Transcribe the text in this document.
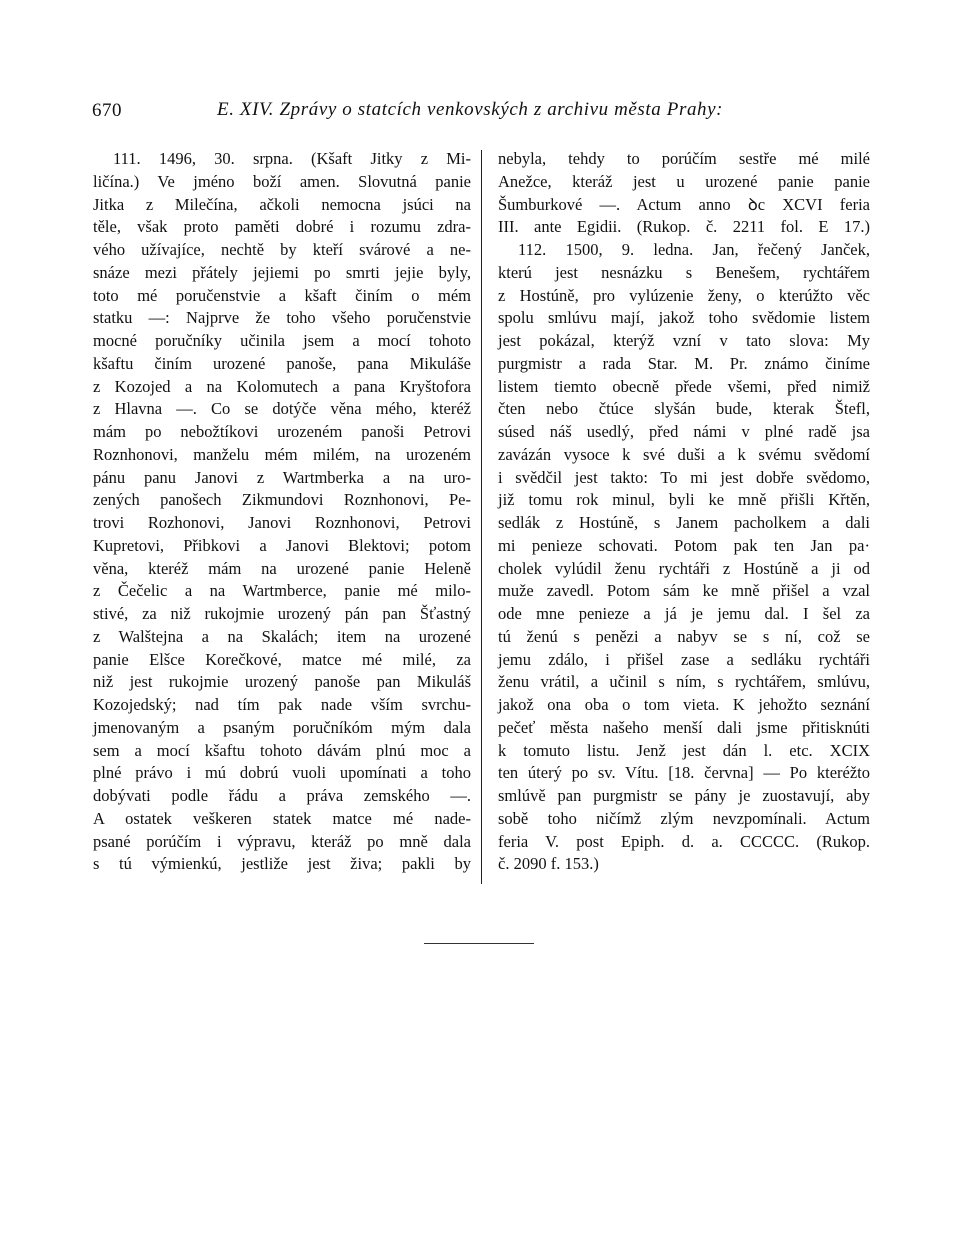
670	E. XIV. Zprávy o statcích venkovských z archivu města Prahy:
111. 1496, 30. srpna. (Kšaft Jitky z Mi-
ličína.) Ve jméno boží amen. Slovutná panie
Jitka z Milečína, ačkoli nemocna jsúci na
těle, však proto paměti dobré i rozumu zdra-
vého užívajíce, nechtě by kteří svárové a ne-
snáze mezi přátely jejiemi po smrti jejie byly,
toto mé poručenstvie a kšaft činím o mém
statku —: Najprve že toho všeho poručenstvie
mocné poručníky učinila jsem a mocí tohoto
kšaftu činím urozené panoše, pana Mikuláše
z Kozojed a na Kolomutech a pana Kryštofora
z Hlavna —. Co se dotýče věna mého, kteréž
mám po nebožtíkovi urozeném panoši Petrovi
Roznhonovi, manželu mém milém, na urozeném
pánu panu Janovi z Wartmberka a na uro-
zených panošech Zikmundovi Roznhonovi, Pe-
trovi Rozhonovi, Janovi Roznhonovi, Petrovi
Kupretovi, Přibkovi a Janovi Blektovi; potom
věna, kteréž mám na urozené panie Heleně
z Čečelic a na Wartmberce, panie mé milo-
stivé, za niž rukojmie urozený pán pan Šťastný
z Walštejna a na Skalách; item na urozené
panie Elšce Korečkové, matce mé milé, za
niž jest rukojmie urozený panoše pan Mikuláš
Kozojedský; nad tím pak nade vším svrchu-
jmenovaným a psaným poručníkóm mým dala
sem a mocí kšaftu tohoto dávám plnú moc a
plné právo i mú dobrú vuoli upomínati a toho
dobývati podle řádu a práva zemského —.
A ostatek veškeren statek matce mé nade-
psané porúčím i výpravu, kteráž po mně dala
s tú výmienkú, jestliže jest živa; pakli by
nebyla, tehdy to porúčím sestře mé milé
Anežce, kteráž jest u urozené panie panie
Šumburkové —. Actum anno ꝺc XCVI feria
III. ante Egidii. (Rukop. č. 2211 fol. E 17.)
112. 1500, 9. ledna. Jan, řečený Janček,
kterú jest nesnázku s Benešem, rychtářem
z Hostúně, pro vylúzenie ženy, o kterúžto věc
spolu smlúvu mají, jakož toho svědomie listem
jest pokázal, kterýž vzní v tato slova: My
purgmistr a rada Star. M. Pr. známo činíme
listem tiemto obecně přede všemi, před nimiž
čten nebo čtúce slyšán bude, kterak Štefl,
súsed náš usedlý, před námi v plné radě jsa
zavázán vysoce k své duši a k svému svědomí
i svědčil jest takto: To mi jest dobře svědomo,
již tomu rok minul, byli ke mně přišli Křtěn,
sedlák z Hostúně, s Janem pacholkem a dali
mi penieze schovati. Potom pak ten Jan pa·
cholek vylúdil ženu rychtáři z Hostúně a ji od
muže zavedl. Potom sám ke mně přišel a vzal
ode mne penieze a já je jemu dal. I šel za
tú ženú s penězi a nabyv se s ní, což se
jemu zdálo, i přišel zase a sedláku rychtáři
ženu vrátil, a učinil s ním, s rychtářem, smlúvu,
jakož ona oba o tom vieta. K jehožto seznání
pečeť města našeho menší dali jsme přitisknúti
k tomuto listu. Jenž jest dán l. etc. XCIX
ten úterý po sv. Vítu. [18. června] — Po kteréžto
smlúvě pan purgmistr se pány je zuostavují, aby
sobě toho ničímž zlým nevzpomínali. Actum
feria V. post Epiph. d. a. CCCCC. (Rukop.
č. 2090 f. 153.)
